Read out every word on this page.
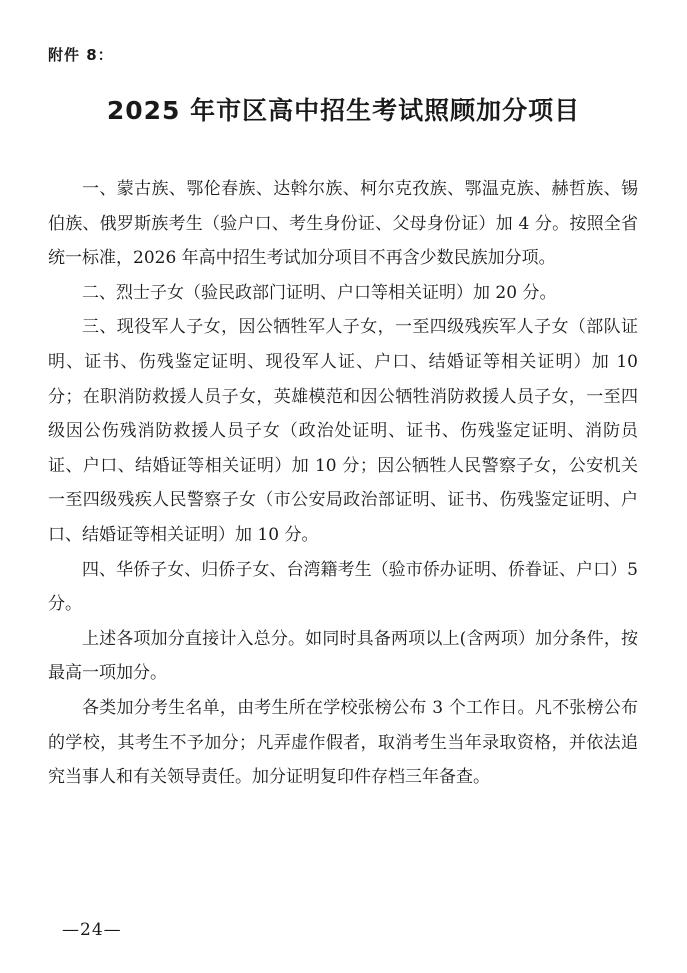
附件 8：
2025 年市区高中招生考试照顾加分项目

一、蒙古族、鄂伦春族、达斡尔族、柯尔克孜族、鄂温克族、赫哲族、锡伯族、俄罗斯族考生（验户口、考生身份证、父母身份证）加 4 分。按照全省统一标准，2026 年高中招生考试加分项目不再含少数民族加分项。

二、烈士子女（验民政部门证明、户口等相关证明）加 20 分。

三、现役军人子女，因公牺牲军人子女，一至四级残疾军人子女（部队证明、证书、伤残鉴定证明、现役军人证、户口、结婚证等相关证明）加 10 分；在职消防救援人员子女，英雄模范和因公牺牲消防救援人员子女，一至四级因公伤残消防救援人员子女（政治处证明、证书、伤残鉴定证明、消防员证、户口、结婚证等相关证明）加 10 分；因公牺牲人民警察子女，公安机关一至四级残疾人民警察子女（市公安局政治部证明、证书、伤残鉴定证明、户口、结婚证等相关证明）加 10 分。

四、华侨子女、归侨子女、台湾籍考生（验市侨办证明、侨眷证、户口）5 分。

上述各项加分直接计入总分。如同时具备两项以上(含两项）加分条件，按最高一项加分。

各类加分考生名单，由考生所在学校张榜公布 3 个工作日。凡不张榜公布的学校，其考生不予加分；凡弄虚作假者，取消考生当年录取资格，并依法追究当事人和有关领导责任。加分证明复印件存档三年备查。

—24—
